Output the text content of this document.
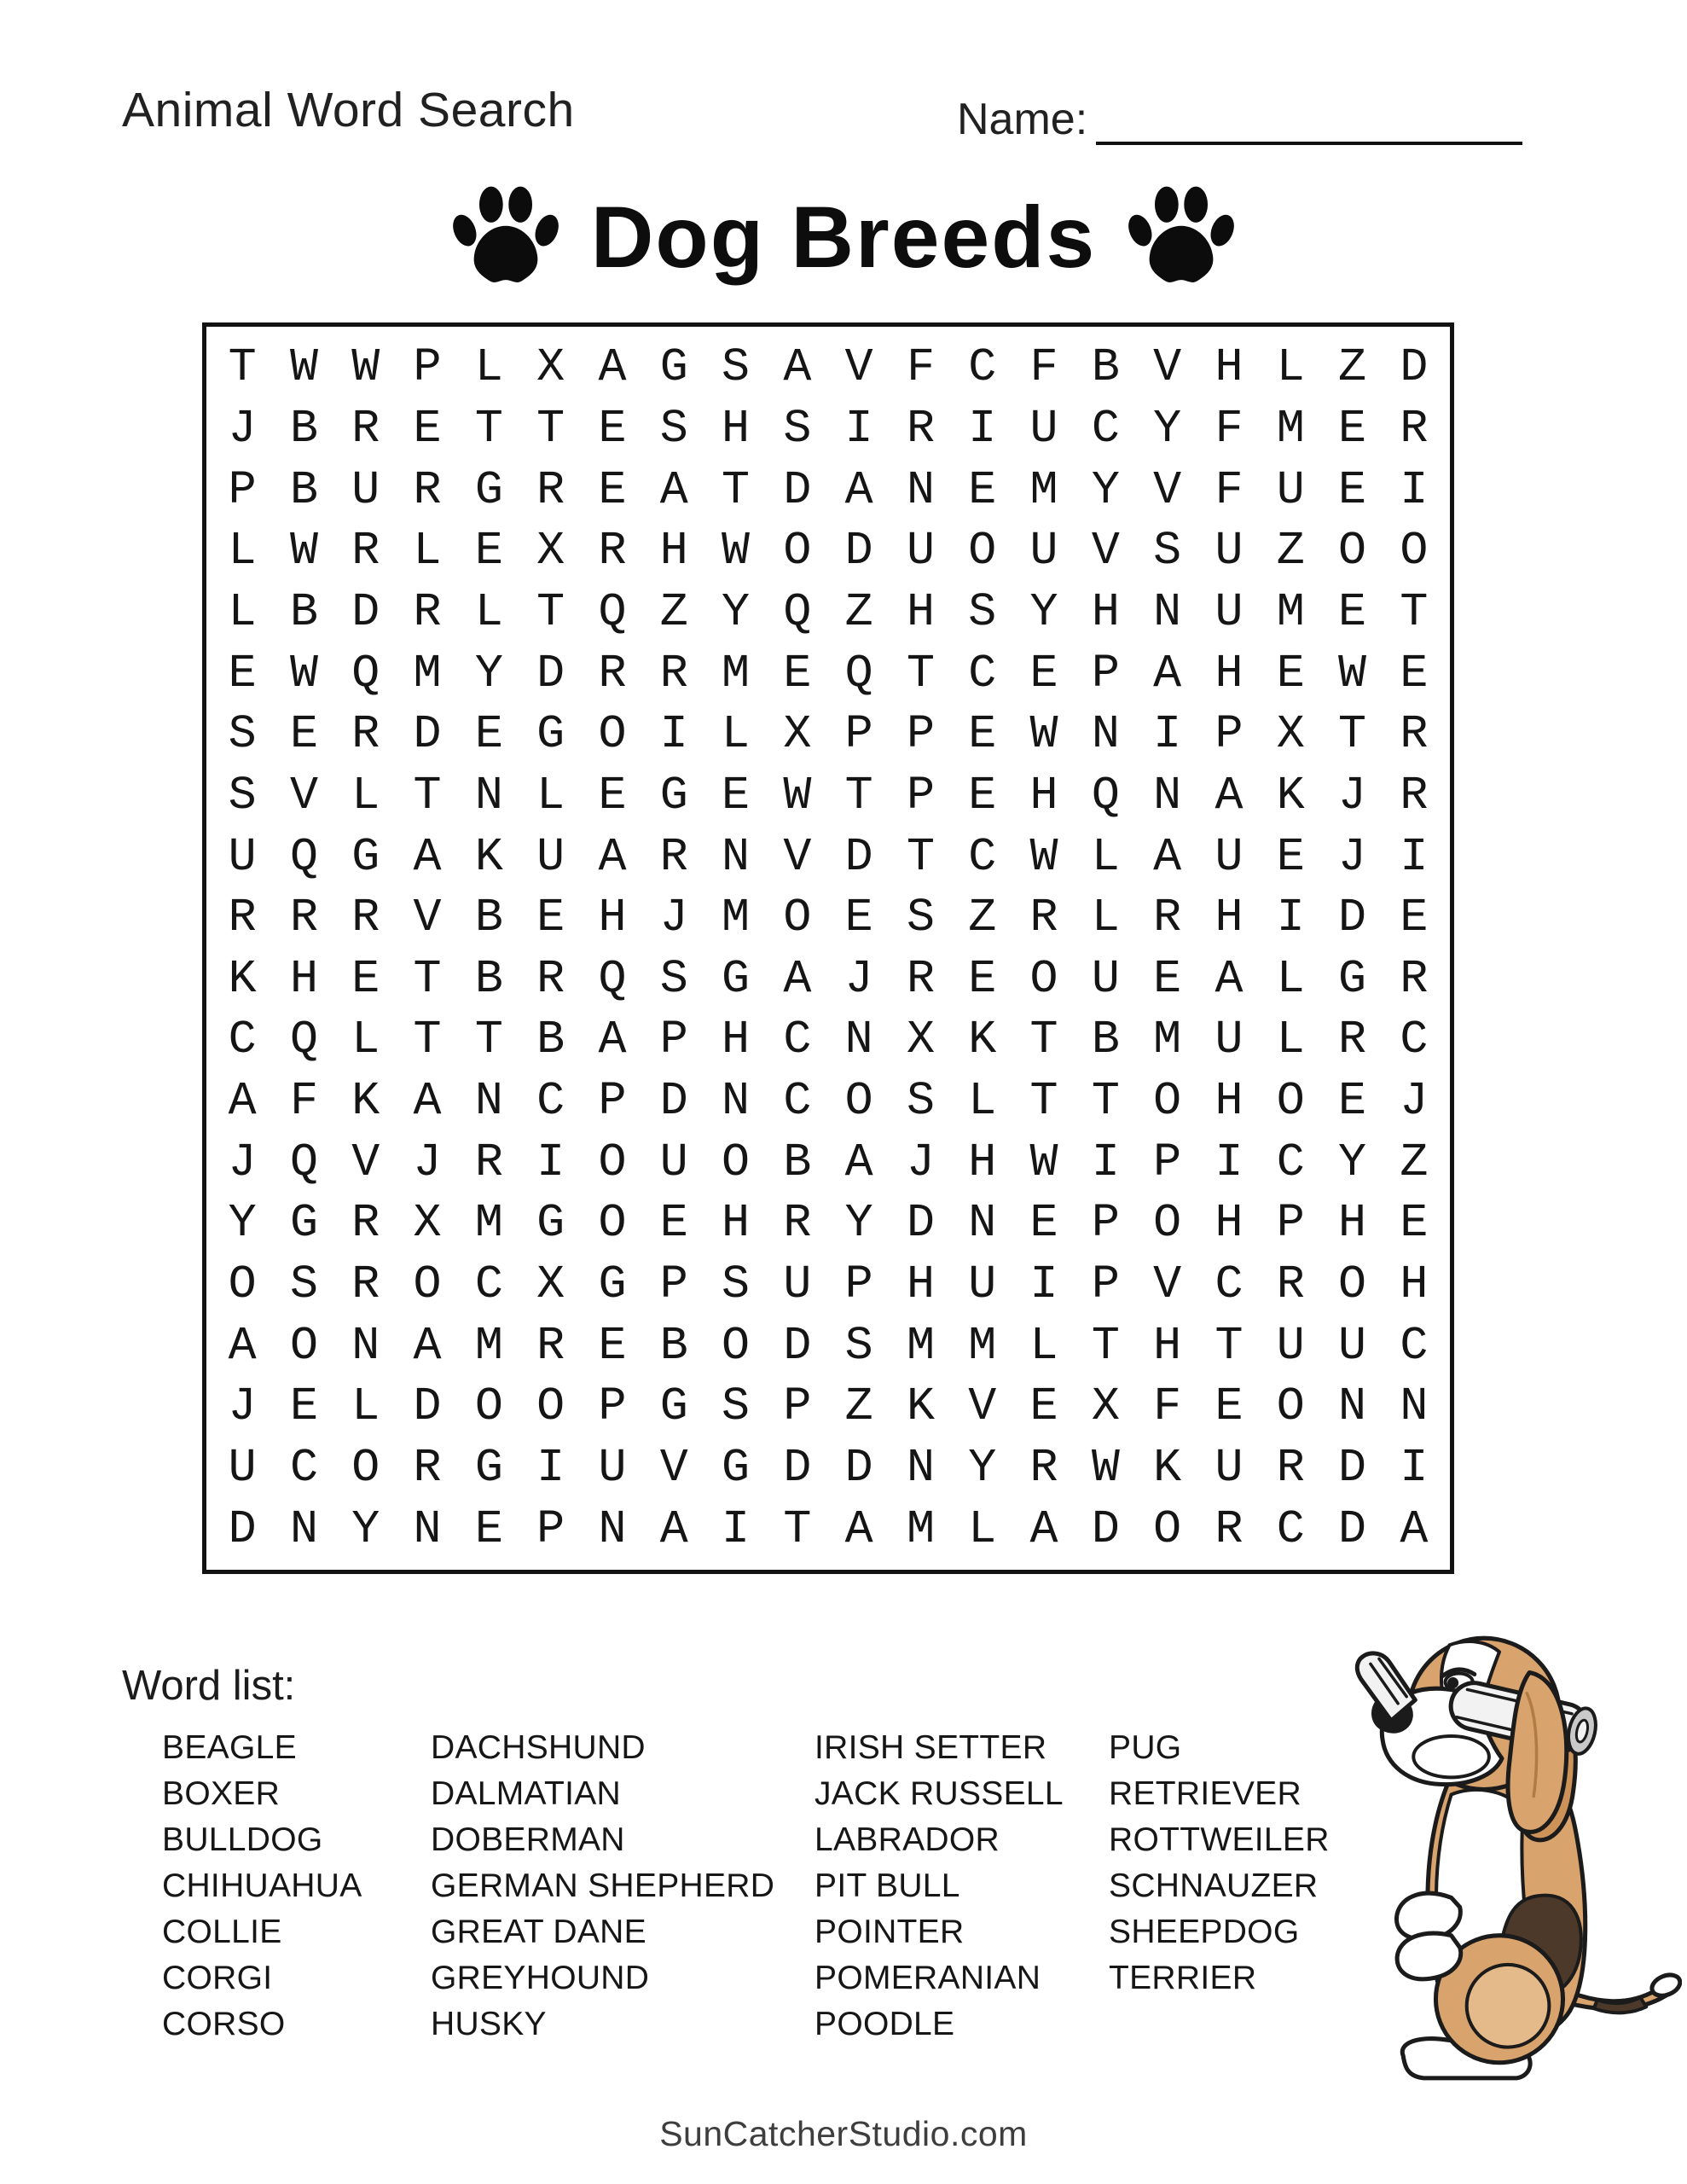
Animal Word Search	Name:
Dog Breeds
T W W P L X A G S A V F C F B V H L Z D
J B R E T T E S H S I R I U C Y F M E R
P B U R G R E A T D A N E M Y V F U E I
L W R L E X R H W O D U O U V S U Z O O
L B D R L T Q Z Y Q Z H S Y H N U M E T
E W Q M Y D R R M E Q T C E P A H E W E
S E R D E G O I L X P P E W N I P X T R
S V L T N L E G E W T P E H Q N A K J R
U Q G A K U A R N V D T C W L A U E J I
R R R V B E H J M O E S Z R L R H I D E
K H E T B R Q S G A J R E O U E A L G R
C Q L T T B A P H C N X K T B M U L R C
A F K A N C P D N C O S L T T O H O E J
J Q V J R I O U O B A J H W I P I C Y Z
Y G R X M G O E H R Y D N E P O H P H E
O S R O C X G P S U P H U I P V C R O H
A O N A M R E B O D S M M L T H T U U C
J E L D O O P G S P Z K V E X F E O N N
U C O R G I U V G D D N Y R W K U R D I
D N Y N E P N A I T A M L A D O R C D A
Word list:
BEAGLE
BOXER
BULLDOG
CHIHUAHUA
COLLIE
CORGI
CORSO
DACHSHUND
DALMATIAN
DOBERMAN
GERMAN SHEPHERD
GREAT DANE
GREYHOUND
HUSKY
IRISH SETTER
JACK RUSSELL
LABRADOR
PIT BULL
POINTER
POMERANIAN
POODLE
PUG
RETRIEVER
ROTTWEILER
SCHNAUZER
SHEEPDOG
TERRIER
SunCatcherStudio.com
